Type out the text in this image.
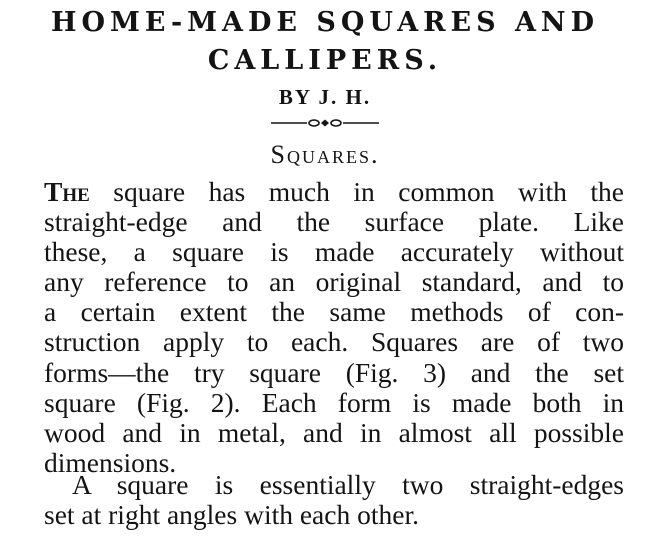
HOME-MADE SQUARES AND
CALLIPERS.
BY J. H.
Squares.
The square has much in common with the
straight-edge and the surface plate. Like
these, a square is made accurately without
any reference to an original standard, and to
a certain extent the same methods of con-
struction apply to each. Squares are of two
forms—the try square (Fig. 3) and the set
square (Fig. 2). Each form is made both in
wood and in metal, and in almost all possible
dimensions.
A square is essentially two straight-edges
set at right angles with each other.
